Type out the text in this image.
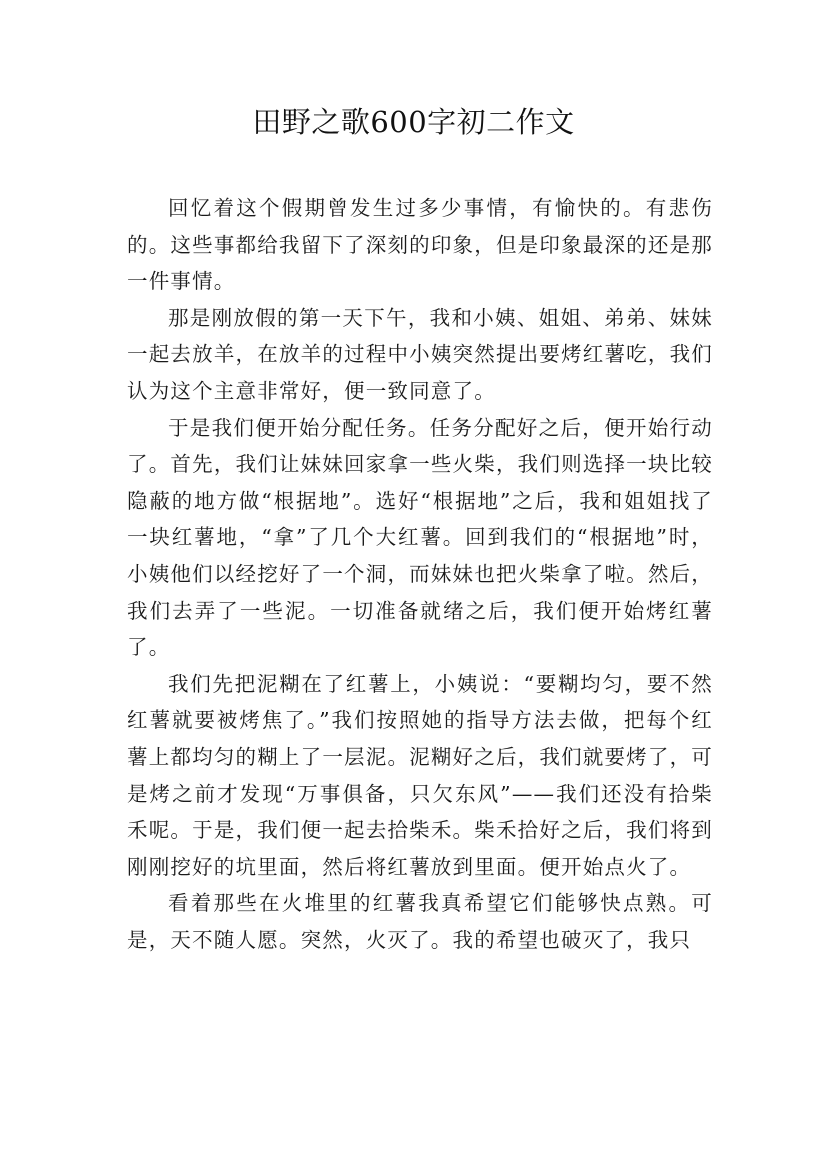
田野之歌600字初二作文

回忆着这个假期曾发生过多少事情，有愉快的。有悲伤的。这些事都给我留下了深刻的印象，但是印象最深的还是那一件事情。

那是刚放假的第一天下午，我和小姨、姐姐、弟弟、妹妹一起去放羊，在放羊的过程中小姨突然提出要烤红薯吃，我们认为这个主意非常好，便一致同意了。

于是我们便开始分配任务。任务分配好之后，便开始行动了。首先，我们让妹妹回家拿一些火柴，我们则选择一块比较隐蔽的地方做“根据地”。选好“根据地”之后，我和姐姐找了一块红薯地，“拿”了几个大红薯。回到我们的“根据地”时，小姨他们以经挖好了一个洞，而妹妹也把火柴拿了啦。然后，我们去弄了一些泥。一切准备就绪之后，我们便开始烤红薯了。

我们先把泥糊在了红薯上，小姨说：“要糊均匀，要不然红薯就要被烤焦了。”我们按照她的指导方法去做，把每个红薯上都均匀的糊上了一层泥。泥糊好之后，我们就要烤了，可是烤之前才发现“万事俱备，只欠东风”——我们还没有拾柴禾呢。于是，我们便一起去拾柴禾。柴禾拾好之后，我们将到刚刚挖好的坑里面，然后将红薯放到里面。便开始点火了。

看着那些在火堆里的红薯我真希望它们能够快点熟。可是，天不随人愿。突然，火灭了。我的希望也破灭了，我只
